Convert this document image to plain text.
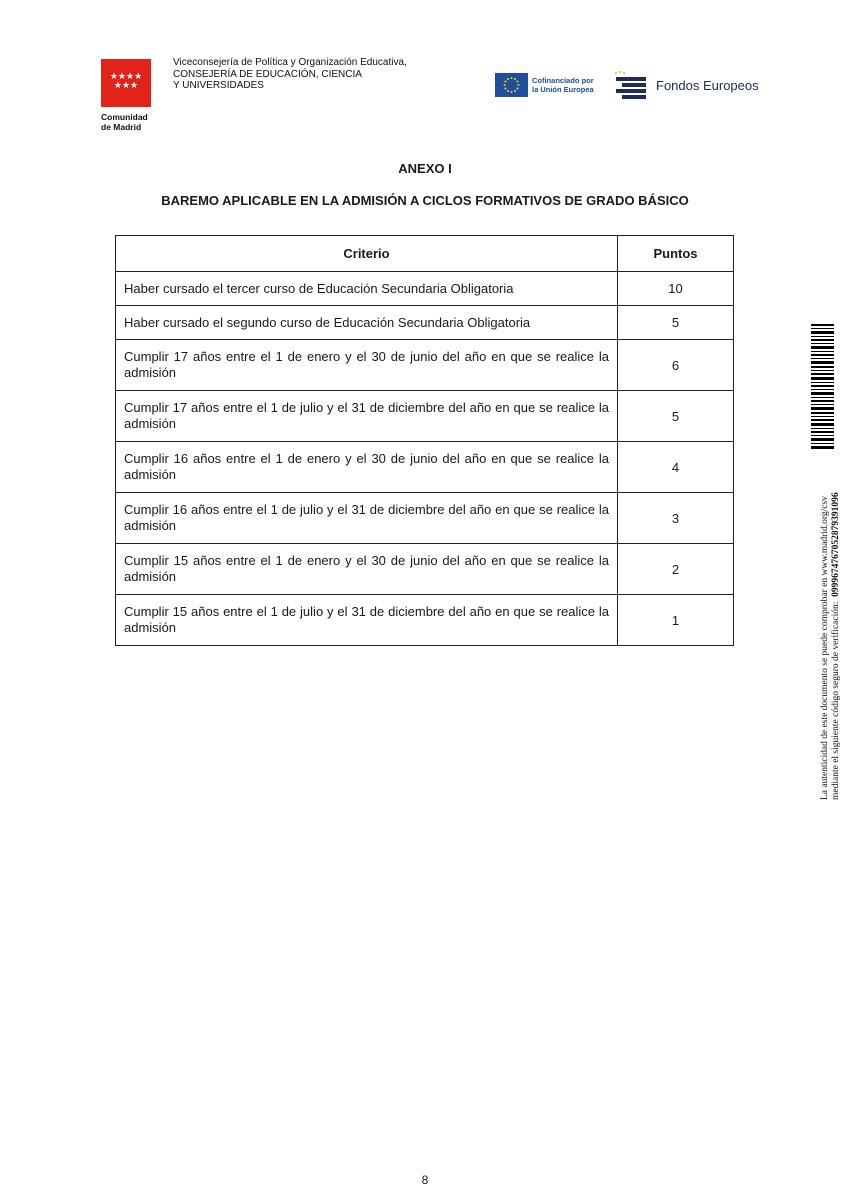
★★★★
★★★
Comunidad
de Madrid
Viceconsejería de Política y Organización Educativa,
CONSEJERÍA DE EDUCACIÓN, CIENCIA
Y UNIVERSIDADES	Cofinanciado por
la Unión Europea	Fondos Europeos
ANEXO I
BAREMO APLICABLE EN LA ADMISIÓN A CICLOS FORMATIVOS DE GRADO BÁSICO
Criterio	Puntos
Haber cursado el tercer curso de Educación Secundaria Obligatoria	10
Haber cursado el segundo curso de Educación Secundaria Obligatoria	5
Cumplir 17 años entre el 1 de enero y el 30 de junio del año en que se realice la admisión	6
Cumplir 17 años entre el 1 de julio y el 31 de diciembre del año en que se realice la admisión	5
Cumplir 16 años entre el 1 de enero y el 30 de junio del año en que se realice la admisión	4
Cumplir 16 años entre el 1 de julio y el 31 de diciembre del año en que se realice la admisión	3
Cumplir 15 años entre el 1 de enero y el 30 de junio del año en que se realice la admisión	2
Cumplir 15 años entre el 1 de julio y el 31 de diciembre del año en que se realice la admisión	1	La autenticidad de este documento se puede comprobar en www.madrid.org/csv mediante el siguiente código seguro de verificación:  0999674767052879391096
8
